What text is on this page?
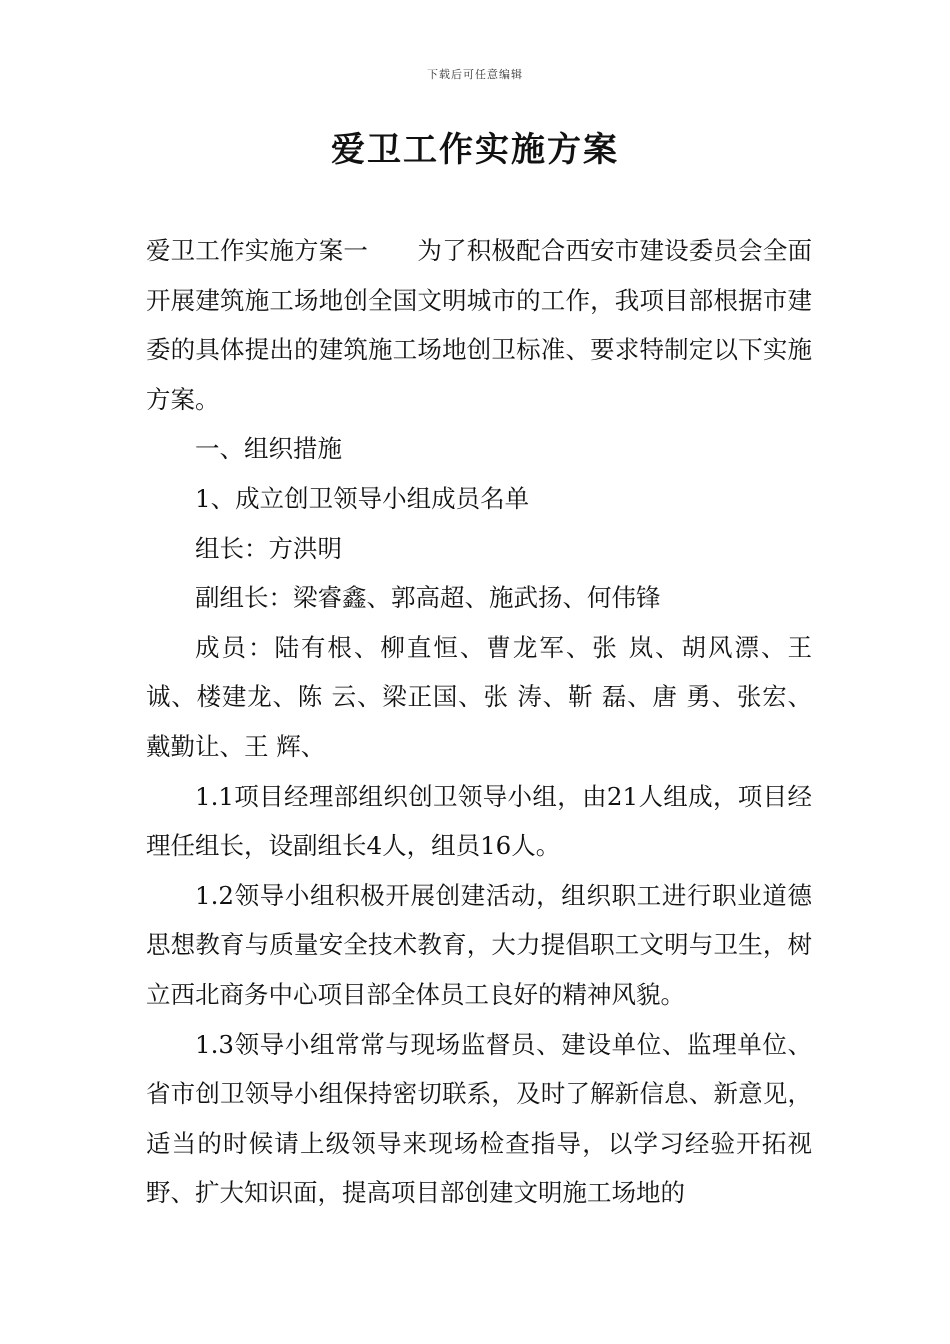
下载后可任意编辑
爱卫工作实施方案

爱卫工作实施方案一　　为了积极配合西安市建设委员会全面开展建筑施工场地创全国文明城市的工作，我项目部根据市建委的具体提出的建筑施工场地创卫标准、要求特制定以下实施方案。

一、组织措施

1、成立创卫领导小组成员名单

组长：方洪明

副组长：梁睿鑫、郭高超、施武扬、何伟锋

成员：陆有根、柳直恒、曹龙军、张 岚、胡风漂、王诚、楼建龙、陈 云、梁正国、张 涛、靳 磊、唐 勇、张宏、戴勤让、王 辉、

1.1项目经理部组织创卫领导小组，由21人组成，项目经理任组长，设副组长4人，组员16人。

1.2领导小组积极开展创建活动，组织职工进行职业道德思想教育与质量安全技术教育，大力提倡职工文明与卫生，树立西北商务中心项目部全体员工良好的精神风貌。

1.3领导小组常常与现场监督员、建设单位、监理单位、省市创卫领导小组保持密切联系，及时了解新信息、新意见，适当的时候请上级领导来现场检查指导，以学习经验开拓视野、扩大知识面，提高项目部创建文明施工场地的
